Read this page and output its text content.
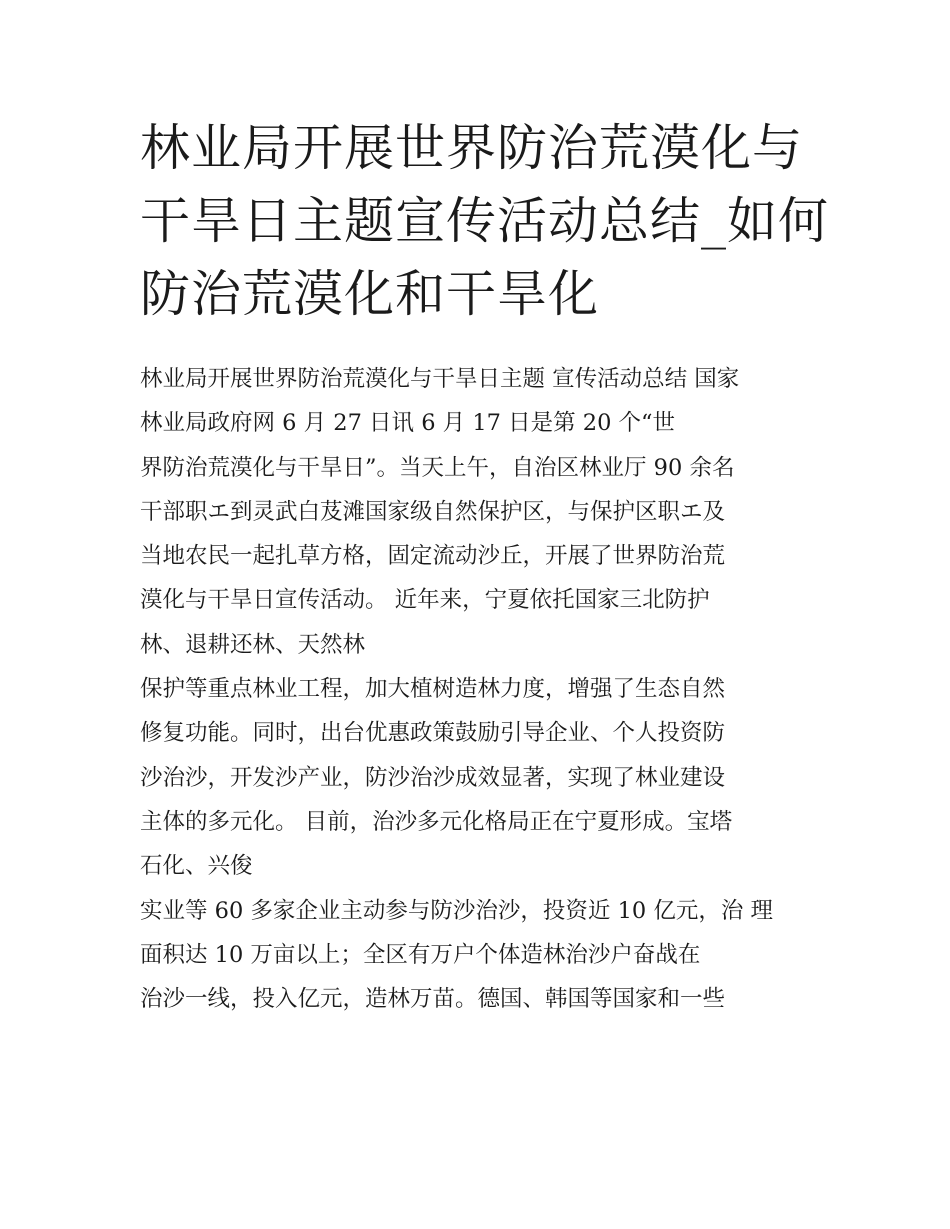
林业局开展世界防治荒漠化与
干旱日主题宣传活动总结_如何
防治荒漠化和干旱化
林业局开展世界防治荒漠化与干旱日主题 宣传活动总结 国家
林业局政府网 6 月 27 日讯 6 月 17 日是第 20 个“世
界防治荒漠化与干旱日”。当天上午，自治区林业厅 90 余名
干部职エ到灵武白芨滩国家级自然保护区，与保护区职エ及
当地农民一起扎草方格，固定流动沙丘，开展了世界防治荒
漠化与干旱日宣传活动。 近年来，宁夏依托国家三北防护
林、退耕还林、天然林
保护等重点林业工程，加大植树造林力度，增强了生态自然
修复功能。同时，出台优惠政策鼓励引导企业、个人投资防
沙治沙，开发沙产业，防沙治沙成效显著，实现了林业建设
主体的多元化。 目前，治沙多元化格局正在宁夏形成。宝塔
石化、兴俊
实业等 60 多家企业主动参与防沙治沙，投资近 10 亿元，治 理
面积达 10 万亩以上；全区有万户个体造林治沙户奋战在
治沙一线，投入亿元，造林万苗。德国、韩国等国家和一些
